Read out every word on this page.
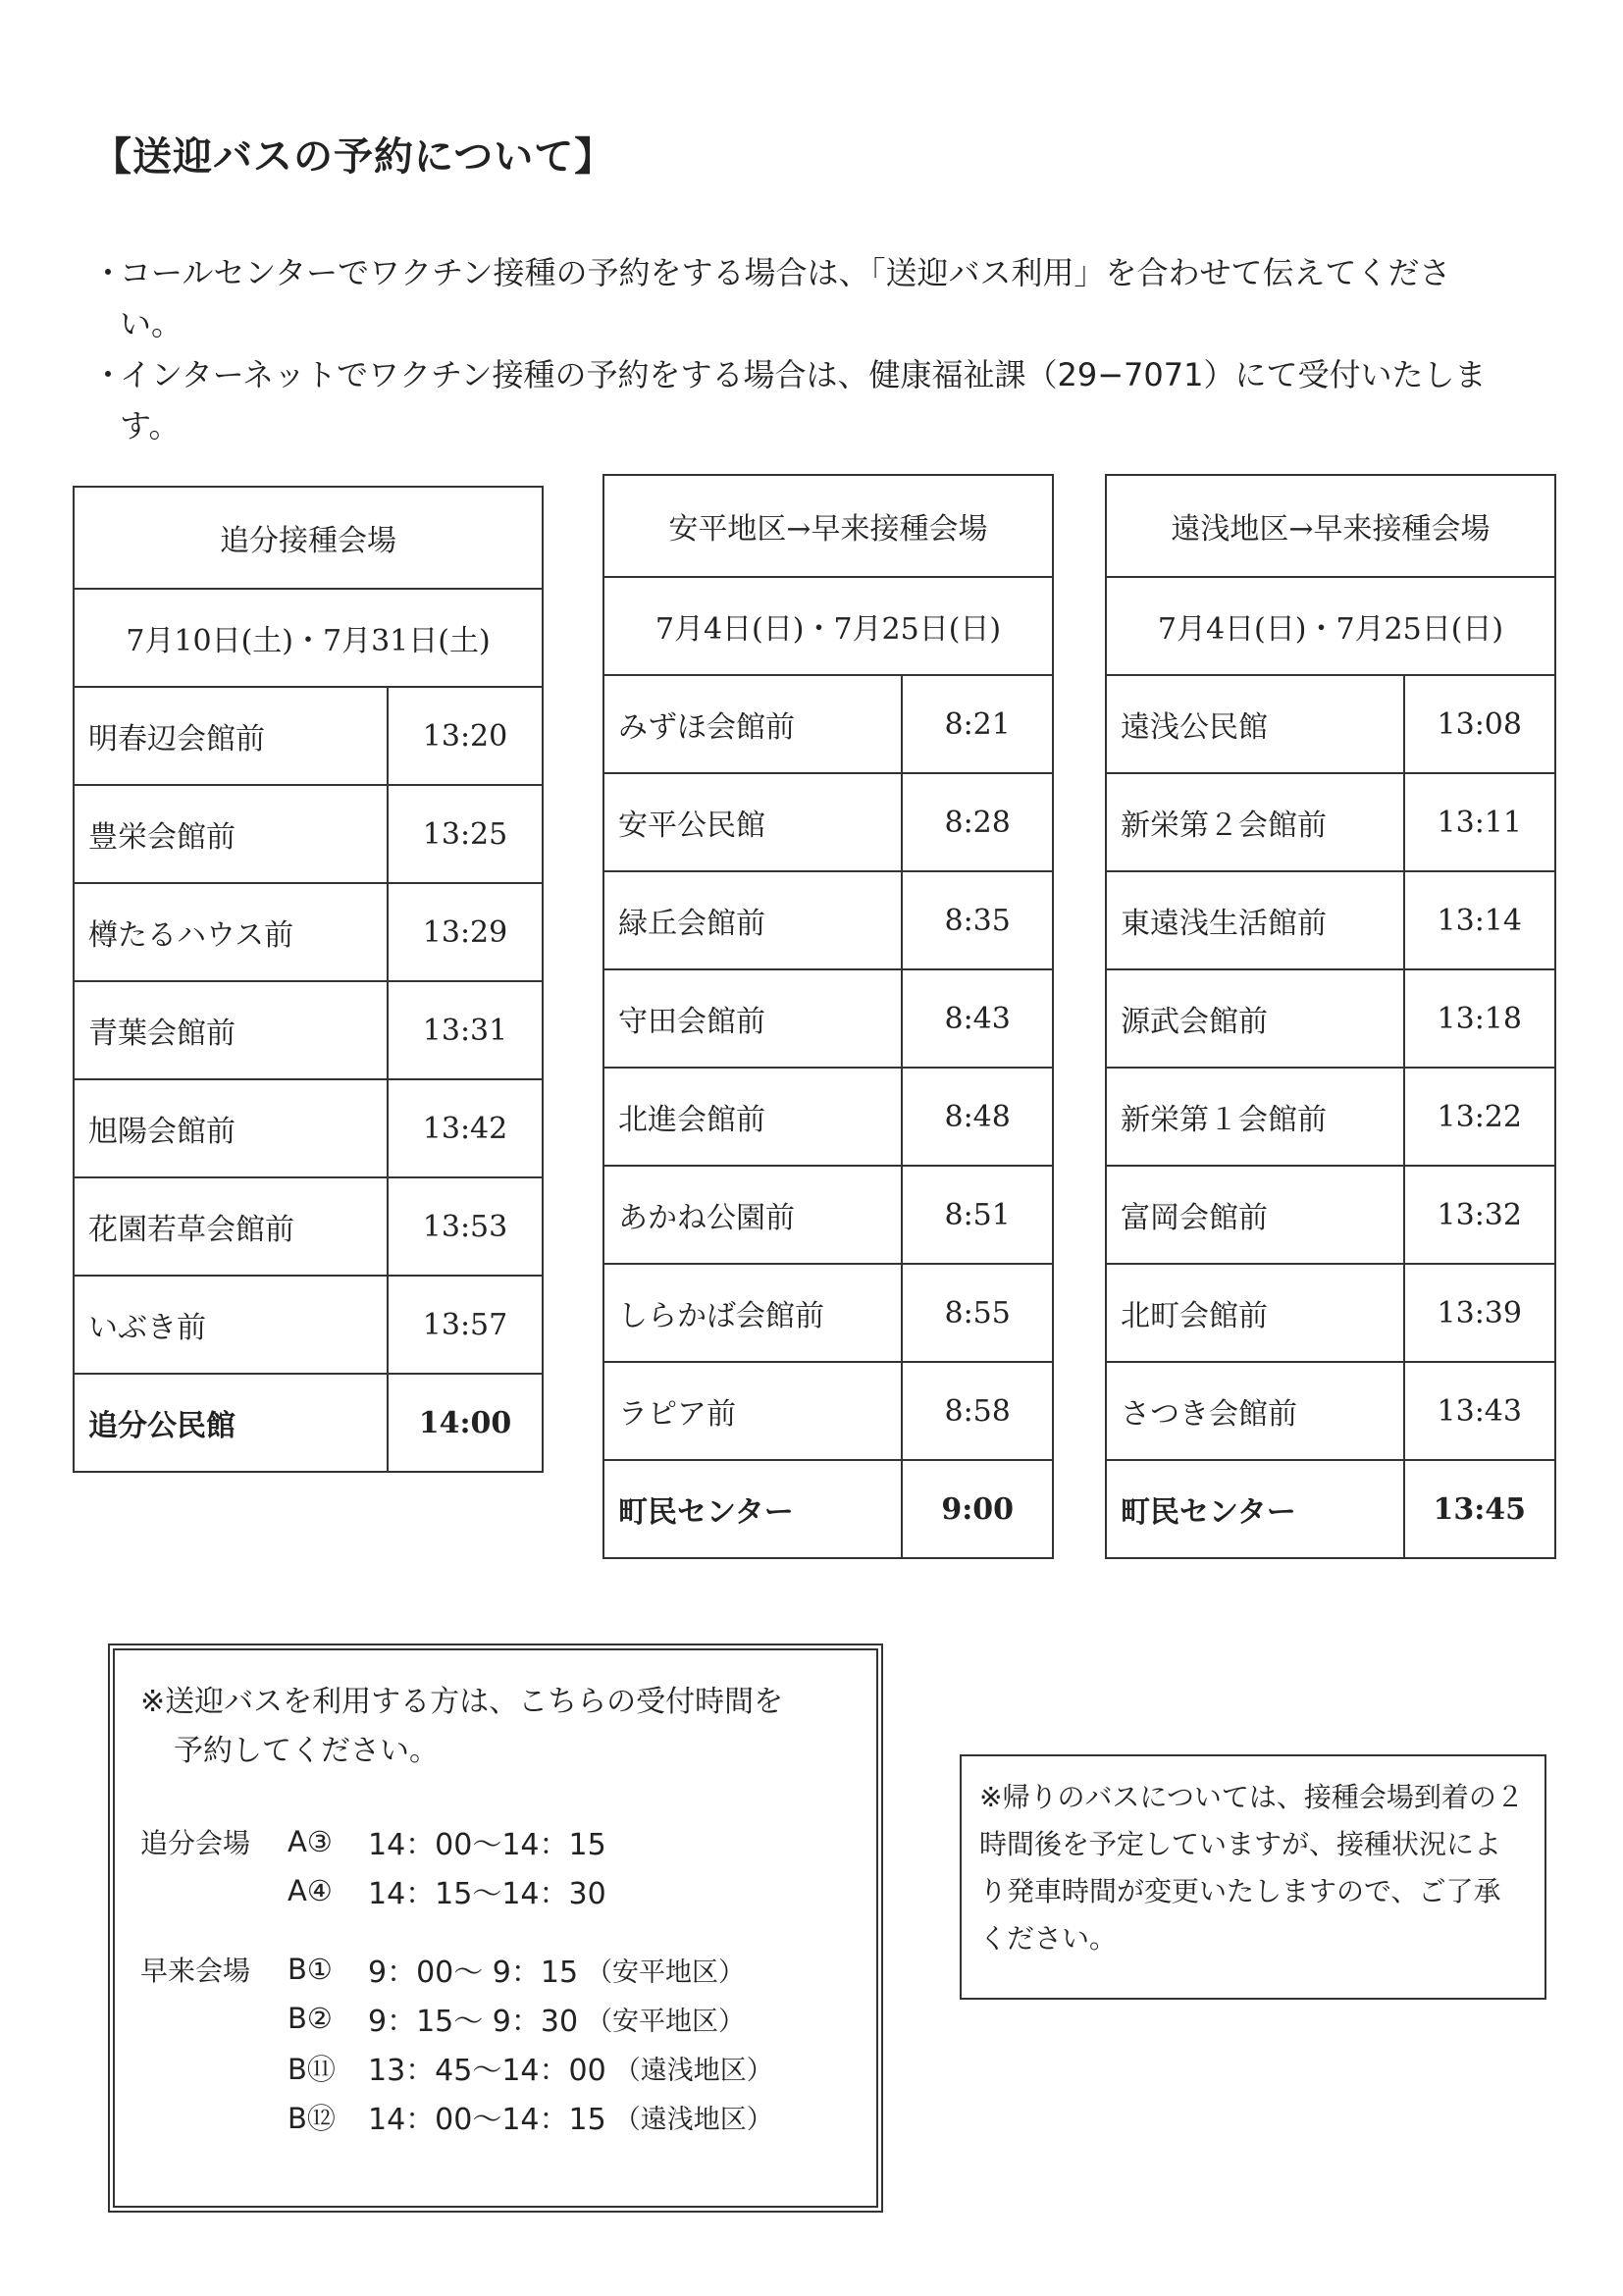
【送迎バスの予約について】
・
コールセンターでワクチン接種の予約をする場合は、「送迎バス利用」を合わせて伝えてください。
・
インターネットでワクチン接種の予約をする場合は、健康福祉課（29−7071）にて受付いたします。
追分接種会場	
7月10日(土)・7月31日(土)	
明春辺会館前	13:20
豊栄会館前	13:25
樽たるハウス前	13:29
青葉会館前	13:31
旭陽会館前	13:42
花園若草会館前	13:53
いぶき前	13:57
追分公民館	14:00
安平地区→早来接種会場	
7月4日(日)・7月25日(日)	
みずほ会館前	8:21
安平公民館	8:28
緑丘会館前	8:35
守田会館前	8:43
北進会館前	8:48
あかね公園前	8:51
しらかば会館前	8:55
ラピア前	8:58
町民センター	9:00
遠浅地区→早来接種会場	
7月4日(日)・7月25日(日)	
遠浅公民館	13:08
新栄第２会館前	13:11
東遠浅生活館前	13:14
源武会館前	13:18
新栄第１会館前	13:22
富岡会館前	13:32
北町会館前	13:39
さつき会館前	13:43
町民センター	13:45
※送迎バスを利用する方は、こちらの受付時間を
予約してください。
追分会場	A③	14：00～14：15
A④	14：15～14：30
早来会場	B①	9：00～ 9：15 （安平地区）
B②	9：15～ 9：30 （安平地区）
B⑪	13：45～14：00 （遠浅地区）
B⑫	14：00～14：15 （遠浅地区）
※帰りのバスについては、接種会場到着の２時間後を予定していますが、接種状況により発車時間が変更いたしますので、ご了承ください。
